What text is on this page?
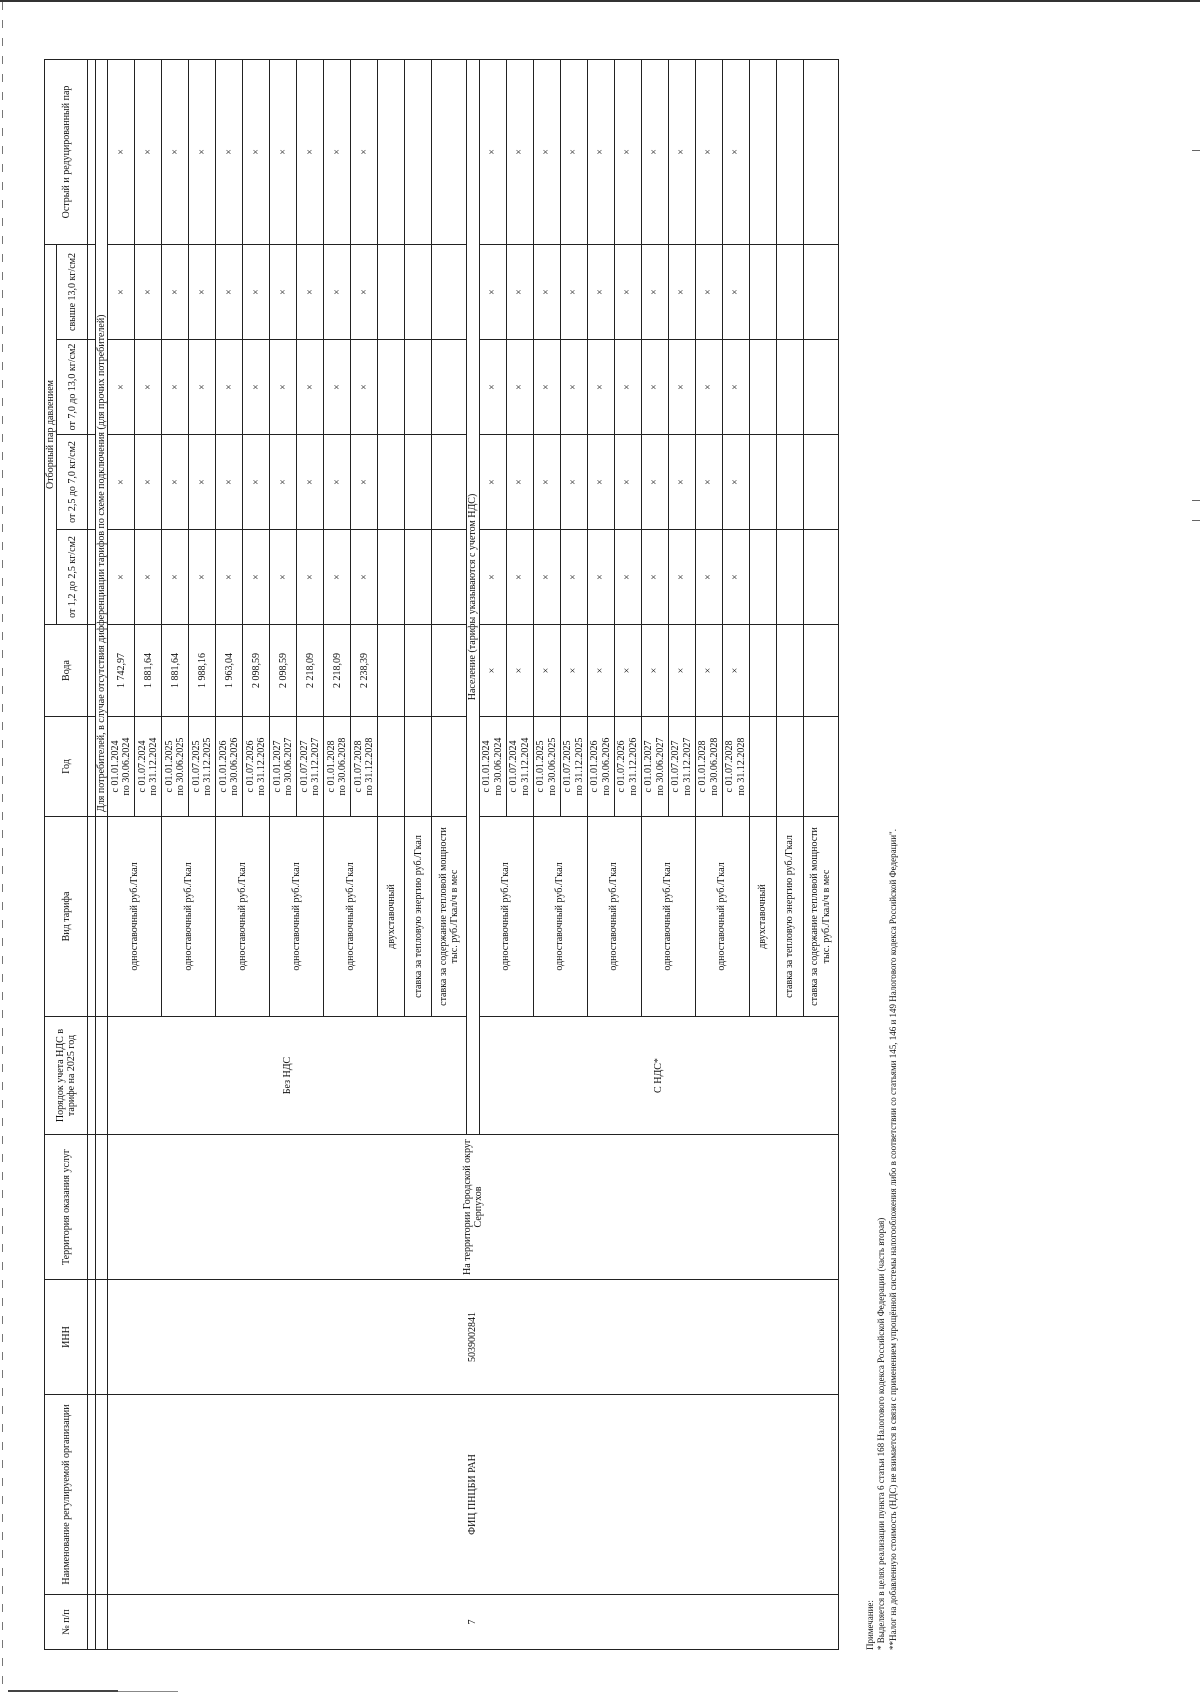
№ п/п	Наименование регулируемой организации	ИНН	Территория оказания услуг	Порядок учета НДС в тарифе на 2025 год	Вид тарифа	Год	Вода	Отборный пар давлением				Острый и редуцированный пар
								от 1,2 до 2,5 кг/см2	от 2,5 до 7,0 кг/см2	от 7,0 до 13,0 кг/см2	свыше 13,0 кг/см2	

						Для потребителей, в случае отсутствия дифференциации тарифов по схеме подключения (для прочих потребителей)						
7	ФИЦ ПНЦБИ РАН	5039002841	На территории Городской округ Серпухов	Без НДС	одноставочный руб./Гкал	с 01.01.2024 по 30.06.2024	1 742,97	×	×	×	×	×

						с 01.07.2024 по 31.12.2024	1 881,64	×	×	×	×	×
					одноставочный руб./Гкал	с 01.01.2025 по 30.06.2025	1 881,64	×	×	×	×	×

						с 01.07.2025 по 31.12.2025	1 988,16	×	×	×	×	×
					одноставочный руб./Гкал	с 01.01.2026 по 30.06.2026	1 963,04	×	×	×	×	×

						с 01.07.2026 по 31.12.2026	2 098,59	×	×	×	×	×
					одноставочный руб./Гкал	с 01.01.2027 по 30.06.2027	2 098,59	×	×	×	×	×

						с 01.07.2027 по 31.12.2027	2 218,09	×	×	×	×	×
					одноставочный руб./Гкал	с 01.01.2028 по 30.06.2028	2 218,09	×	×	×	×	×

						с 01.07.2028 по 31.12.2028	2 238,39	×	×	×	×	×
					двухставочный							
					ставка за тепловую энергию руб./Гкал							
					ставка за содержание тепловой мощности тыс. руб./Гкал/ч в мес							
				Население (тарифы указываются с учетом НДС)								
				С НДС*	одноставочный руб./Гкал	с 01.01.2024 по 30.06.2024	×	×	×	×	×	×

						с 01.07.2024 по 31.12.2024	×	×	×	×	×	×
					одноставочный руб./Гкал	с 01.01.2025 по 30.06.2025	×	×	×	×	×	×

						с 01.07.2025 по 31.12.2025	×	×	×	×	×	×
					одноставочный руб./Гкал	с 01.01.2026 по 30.06.2026	×	×	×	×	×	×

						с 01.07.2026 по 31.12.2026	×	×	×	×	×	×
					одноставочный руб./Гкал	с 01.01.2027 по 30.06.2027	×	×	×	×	×	×

						с 01.07.2027 по 31.12.2027	×	×	×	×	×	×
					одноставочный руб./Гкал	с 01.01.2028 по 30.06.2028	×	×	×	×	×	×

						с 01.07.2028 по 31.12.2028	×	×	×	×	×	×
					двухставочный							
					ставка за тепловую энергию руб./Гкал							
					ставка за содержание тепловой мощности тыс. руб./Гкал/ч в мес							
Примечание: * Выделяется в целях реализации пункта 6 статьи 168 Налогового кодекса Российской Федерации (часть вторая) **Налог на добавленную стоимость (НДС) не взимается в связи с применением упрощённой системы налогообложения либо в соответствии со статьями 145, 146 и 149 Налогового кодекса Российской Федерации".
